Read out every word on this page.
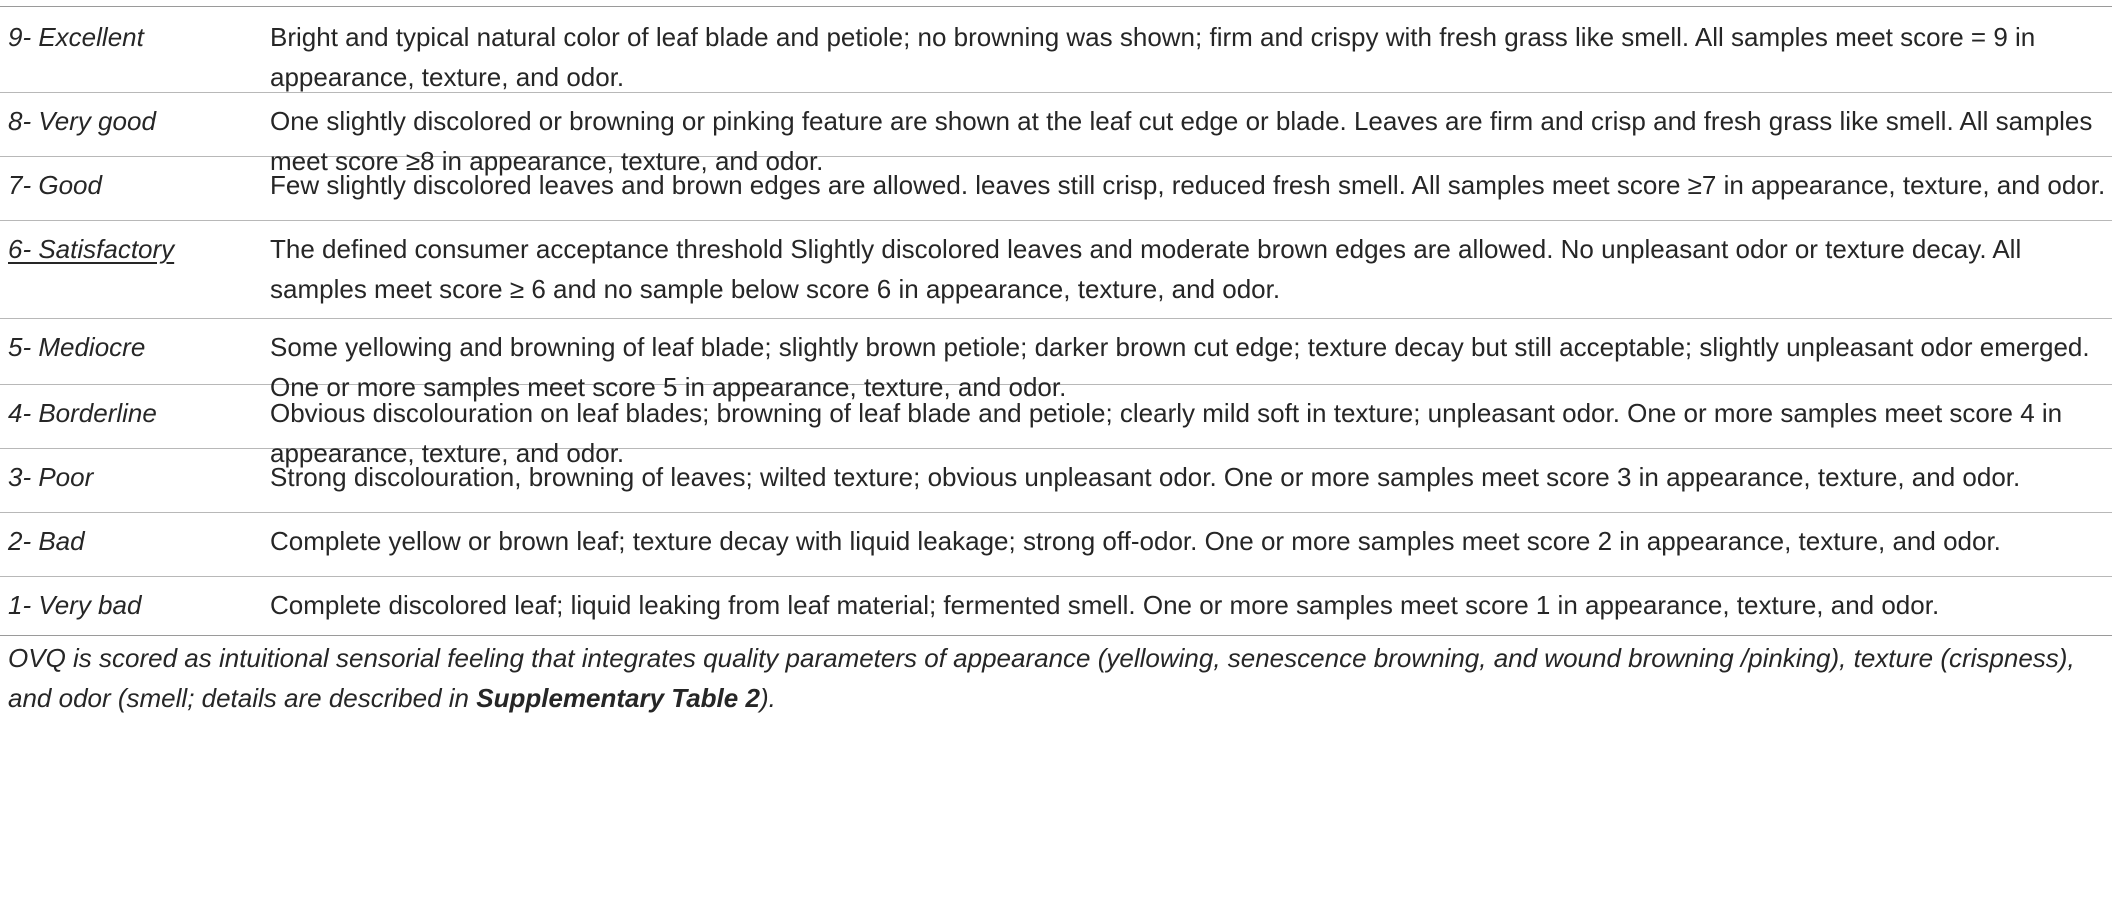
9- Excellent	Bright and typical natural color of leaf blade and petiole; no browning was shown; firm and crispy with fresh grass like smell. All samples meet score = 9 in appearance, texture, and odor.
8- Very good	One slightly discolored or browning or pinking feature are shown at the leaf cut edge or blade. Leaves are firm and crisp and fresh grass like smell. All samples meet score ≥8 in appearance, texture, and odor.
7- Good	Few slightly discolored leaves and brown edges are allowed. leaves still crisp, reduced fresh smell. All samples meet score ≥7 in appearance, texture, and odor.
6- Satisfactory	The defined consumer acceptance threshold Slightly discolored leaves and moderate brown edges are allowed. No unpleasant odor or texture decay. All samples meet score ≥ 6 and no sample below score 6 in appearance, texture, and odor.
5- Mediocre	Some yellowing and browning of leaf blade; slightly brown petiole; darker brown cut edge; texture decay but still acceptable; slightly unpleasant odor emerged. One or more samples meet score 5 in appearance, texture, and odor.
4- Borderline	Obvious discolouration on leaf blades; browning of leaf blade and petiole; clearly mild soft in texture; unpleasant odor. One or more samples meet score 4 in appearance, texture, and odor.
3- Poor	Strong discolouration, browning of leaves; wilted texture; obvious unpleasant odor. One or more samples meet score 3 in appearance, texture, and odor.
2- Bad	Complete yellow or brown leaf; texture decay with liquid leakage; strong off-odor. One or more samples meet score 2 in appearance, texture, and odor.
1- Very bad	Complete discolored leaf; liquid leaking from leaf material; fermented smell. One or more samples meet score 1 in appearance, texture, and odor.
OVQ is scored as intuitional sensorial feeling that integrates quality parameters of appearance (yellowing, senescence browning, and wound browning /pinking), texture (crispness), and odor (smell; details are described in Supplementary Table 2).
